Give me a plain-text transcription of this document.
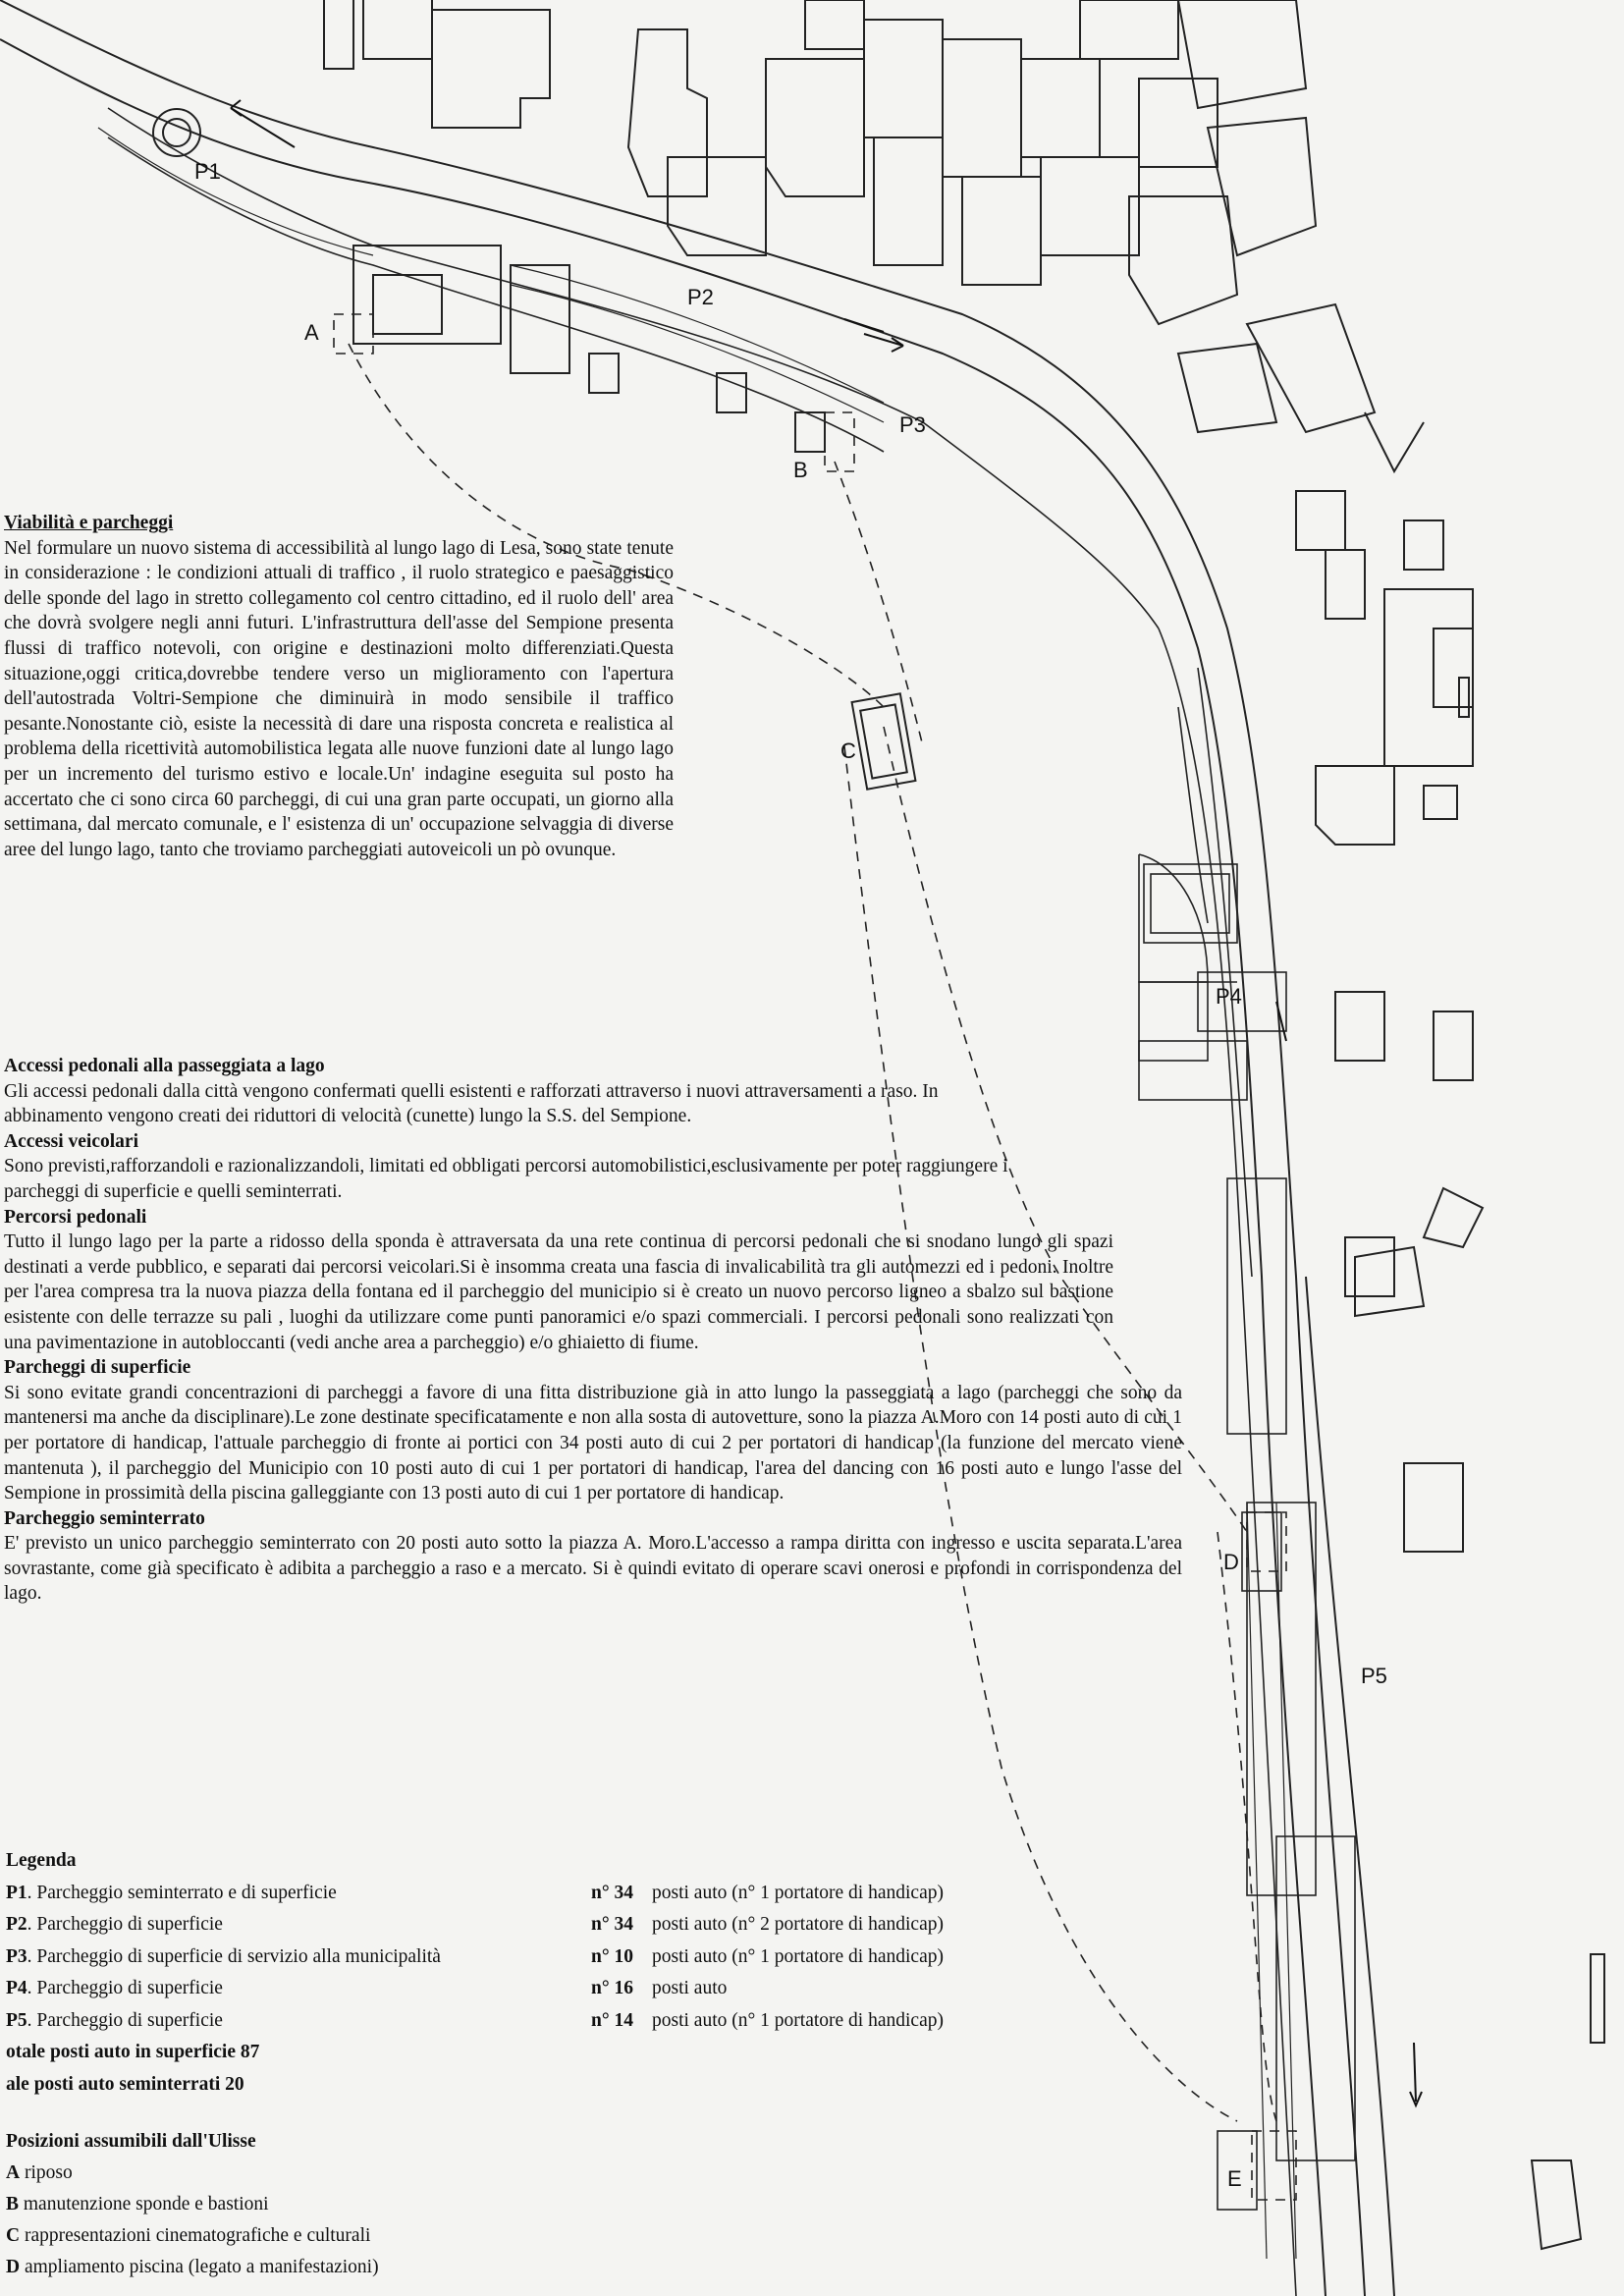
P1
P2
P3
P4
P5
A
B
C
D
E

Viabilità e parcheggi

Nel formulare un nuovo sistema di accessibilità al lungo lago di Lesa, sono state tenute in considerazione : le condizioni attuali di traffico , il ruolo strategico e paesaggistico delle sponde del lago in stretto collegamento col centro cittadino, ed il ruolo dell' area che dovrà svolgere negli anni futuri. L'infrastruttura dell'asse del Sempione presenta flussi di traffico notevoli, con origine e destinazioni molto differenziati.Questa situazione,oggi critica,dovrebbe tendere verso un miglioramento con l'apertura dell'autostrada Voltri-Sempione che diminuirà in modo sensibile il traffico pesante.Nonostante ciò, esiste la necessità di dare una risposta concreta e realistica al problema della ricettività automobilistica legata alle nuove funzioni date al lungo lago per un incremento del turismo estivo e locale.Un' indagine eseguita sul posto ha accertato che ci sono circa 60 parcheggi, di cui una gran parte occupati, un giorno alla settimana, dal mercato comunale, e l' esistenza di un' occupazione selvaggia di diverse aree del lungo lago, tanto che troviamo parcheggiati autoveicoli un pò ovunque.

Accessi pedonali alla passeggiata a lago

Gli accessi pedonali dalla città vengono confermati quelli esistenti e rafforzati attraverso i nuovi attraversamenti a raso. In abbinamento vengono creati dei riduttori di velocità (cunette) lungo la S.S. del Sempione.

Accessi veicolari

Sono previsti,rafforzandoli e razionalizzandoli, limitati ed obbligati percorsi automobilistici,esclusivamente per poter raggiungere i parcheggi di superficie e quelli seminterrati.

Percorsi pedonali

Tutto il lungo lago per la parte a ridosso della sponda è attraversata da una rete continua di percorsi pedonali che si snodano lungo gli spazi destinati a verde pubblico, e separati dai percorsi veicolari.Si è insomma creata una fascia di invalicabilità tra gli automezzi ed i pedoni. Inoltre per l'area compresa tra la nuova piazza della fontana ed il parcheggio del municipio si è creato un nuovo percorso ligneo a sbalzo sul bastione esistente con delle terrazze su pali , luoghi da utilizzare come punti panoramici e/o spazi commerciali. I percorsi pedonali sono realizzati con una pavimentazione in autobloccanti (vedi anche area a parcheggio) e/o ghiaietto di fiume.

Parcheggi di superficie

Si sono evitate grandi concentrazioni di parcheggi a favore di una fitta distribuzione già in atto lungo la passeggiata a lago (parcheggi che sono da mantenersi ma anche da disciplinare).Le zone destinate specificatamente e non alla sosta di autovetture, sono la piazza A.Moro con 14 posti auto di cui 1 per portatore di handicap, l'attuale parcheggio di fronte ai portici con 34 posti auto di cui 2 per portatori di handicap (la funzione del mercato viene mantenuta ), il parcheggio del Municipio con 10 posti auto di cui 1 per portatori di handicap, l'area del dancing con 16 posti auto e lungo l'asse del Sempione in prossimità della piscina galleggiante con 13 posti auto di cui 1 per portatore di handicap.

Parcheggio seminterrato

E' previsto un unico parcheggio seminterrato con 20 posti auto sotto la piazza A. Moro.L'accesso a rampa diritta con ingresso e uscita separata.L'area sovrastante, come già specificato è adibita a parcheggio a raso e a mercato. Si è quindi evitato di operare scavi onerosi e profondi in corrispondenza del lago.

Legenda
P1. Parcheggio seminterrato e di superficie	n° 34 posti auto (n° 1 portatore di handicap)
P2. Parcheggio di superficie	n° 34 posti auto (n° 2 portatore di handicap)
P3. Parcheggio di superficie di servizio alla municipalità	n° 10 posti auto (n° 1 portatore di handicap)
P4. Parcheggio di superficie	n° 16 posti auto
P5. Parcheggio di superficie	n° 14 posti auto (n° 1 portatore di handicap)
otale posti auto in superficie 87
ale posti auto seminterrati 20
Posizioni assumibili dall'Ulisse
A riposo
B manutenzione sponde e bastioni
C rappresentazioni cinematografiche e culturali
D ampliamento piscina (legato a manifestazioni)
